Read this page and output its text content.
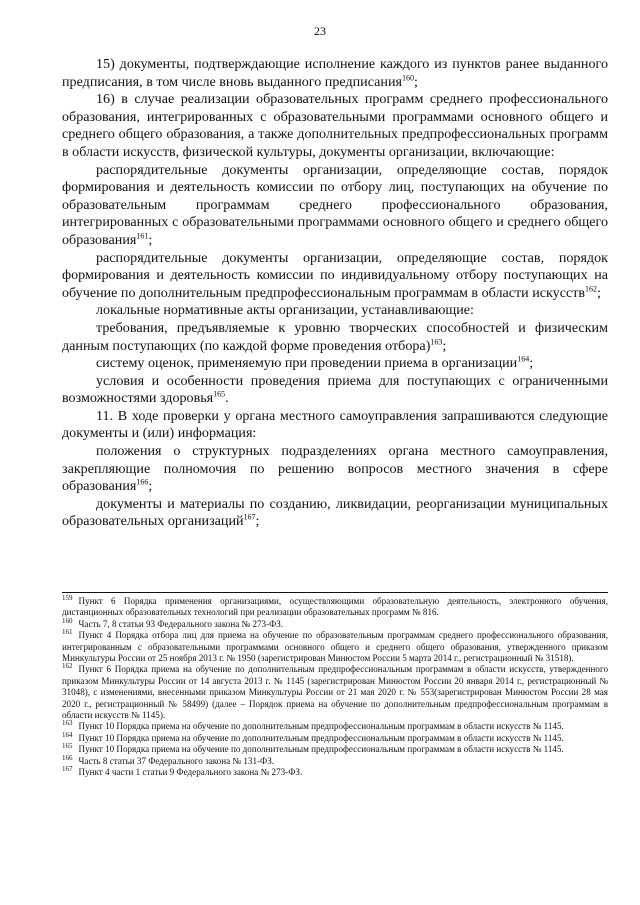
23

15) документы, подтверждающие исполнение каждого из пунктов ранее выданного предписания, в том числе вновь выданного предписания$^{160}$;

16) в случае реализации образовательных программ среднего профессионального образования, интегрированных с образовательными программами основного общего и среднего общего образования, а также дополнительных предпрофессиональных программ в области искусств, физической культуры, документы организации, включающие:

распорядительные документы организации, определяющие состав, порядок формирования и деятельность комиссии по отбору лиц, поступающих на обучение по образовательным программам среднего профессионального образования, интегрированных с образовательными программами основного общего и среднего общего образования$^{161}$;

распорядительные документы организации, определяющие состав, порядок формирования и деятельность комиссии по индивидуальному отбору поступающих на обучение по дополнительным предпрофессиональным программам в области искусств$^{162}$;

локальные нормативные акты организации, устанавливающие:

требования, предъявляемые к уровню творческих способностей и физическим данным поступающих (по каждой форме проведения отбора)$^{163}$;

систему оценок, применяемую при проведении приема в организации$^{164}$;

условия и особенности проведения приема для поступающих с ограниченными возможностями здоровья$^{165}$.

11. В ходе проверки у органа местного самоуправления запрашиваются следующие документы и (или) информация:

положения о структурных подразделениях органа местного самоуправления, закрепляющие полномочия по решению вопросов местного значения в сфере образования$^{166}$;

документы и материалы по созданию, ликвидации, реорганизации муниципальных образовательных организаций$^{167}$;

$^{159}$ Пункт 6 Порядка применения организациями, осуществляющими образовательную деятельность, электронного обучения, дистанционных образовательных технологий при реализации образовательных программ № 816.

$^{160}$ Часть 7, 8 статьи 93 Федерального закона № 273-ФЗ.

$^{161}$ Пункт 4 Порядка отбора лиц для приема на обучение по образовательным программам среднего профессионального образования, интегрированным с образовательными программами основного общего и среднего общего образования, утвержденного приказом Минкультуры России от 25 ноября 2013 г. № 1950 (зарегистрирован Минюстом России 5 марта 2014 г., регистрационный № 31518).

$^{162}$ Пункт 6 Порядка приема на обучение по дополнительным предпрофессиональным программам в области искусств, утвержденного приказом Минкультуры России от 14 августа 2013 г. № 1145 (зарегистрирован Минюстом России 20 января 2014 г., регистрационный № 31048), с изменениями, внесенными приказом Минкультуры России от 21 мая 2020 г. № 553(зарегистрирован Минюстом России 28 мая 2020 г., регистрационный № 58499) (далее – Порядок приема на обучение по дополнительным предпрофессиональным программам в области искусств № 1145).

$^{163}$ Пункт 10 Порядка приема на обучение по дополнительным предпрофессиональным программам в области искусств № 1145.

$^{164}$ Пункт 10 Порядка приема на обучение по дополнительным предпрофессиональным программам в области искусств № 1145.

$^{165}$ Пункт 10 Порядка приема на обучение по дополнительным предпрофессиональным программам в области искусств № 1145.

$^{166}$ Часть 8 статьи 37 Федерального закона № 131-ФЗ.

$^{167}$ Пункт 4 части 1 статьи 9 Федерального закона № 273-ФЗ.
